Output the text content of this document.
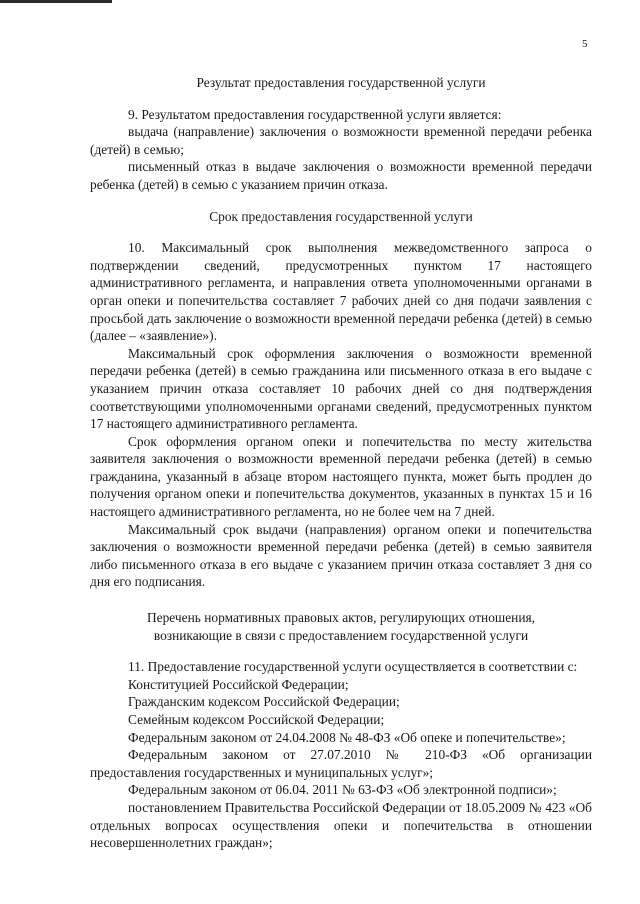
5
Результат предоставления государственной услуги
9. Результатом предоставления государственной услуги является:
выдача (направление) заключения о возможности временной передачи ребенка (детей) в семью;
письменный отказ в выдаче заключения о возможности временной передачи ребенка (детей) в семью с указанием причин отказа.
Срок предоставления государственной услуги
10. Максимальный срок выполнения межведомственного запроса о подтверждении сведений, предусмотренных пунктом 17 настоящего административного регламента, и направления ответа уполномоченными органами в орган опеки и попечительства составляет 7 рабочих дней со дня подачи заявления с просьбой дать заключение о возможности временной передачи ребенка (детей) в семью (далее – «заявление»).
Максимальный срок оформления заключения о возможности временной передачи ребенка (детей) в семью гражданина или письменного отказа в его выдаче с указанием причин отказа составляет 10 рабочих дней со дня подтверждения соответствующими уполномоченными органами сведений, предусмотренных пунктом 17 настоящего административного регламента.
Срок оформления органом опеки и попечительства по месту жительства заявителя заключения о возможности временной передачи ребенка (детей) в семью гражданина, указанный в абзаце втором настоящего пункта, может быть продлен до получения органом опеки и попечительства документов, указанных в пунктах 15 и 16 настоящего административного регламента, но не более чем на 7 дней.
Максимальный срок выдачи (направления) органом опеки и попечительства заключения о возможности временной передачи ребенка (детей) в семью заявителя либо письменного отказа в его выдаче с указанием причин отказа составляет 3 дня со дня его подписания.
Перечень нормативных правовых актов, регулирующих отношения,
возникающие в связи с предоставлением государственной услуги
11. Предоставление государственной услуги осуществляется в соответствии с:
Конституцией Российской Федерации;
Гражданским кодексом Российской Федерации;
Семейным кодексом Российской Федерации;
Федеральным законом от 24.04.2008 № 48-ФЗ «Об опеке и попечительстве»;
Федеральным законом от 27.07.2010 № 210-ФЗ «Об организации предоставления государственных и муниципальных услуг»;
Федеральным законом от 06.04. 2011 № 63-ФЗ «Об электронной подписи»;
постановлением Правительства Российской Федерации от 18.05.2009 № 423 «Об отдельных вопросах осуществления опеки и попечительства в отношении несовершеннолетних граждан»;
